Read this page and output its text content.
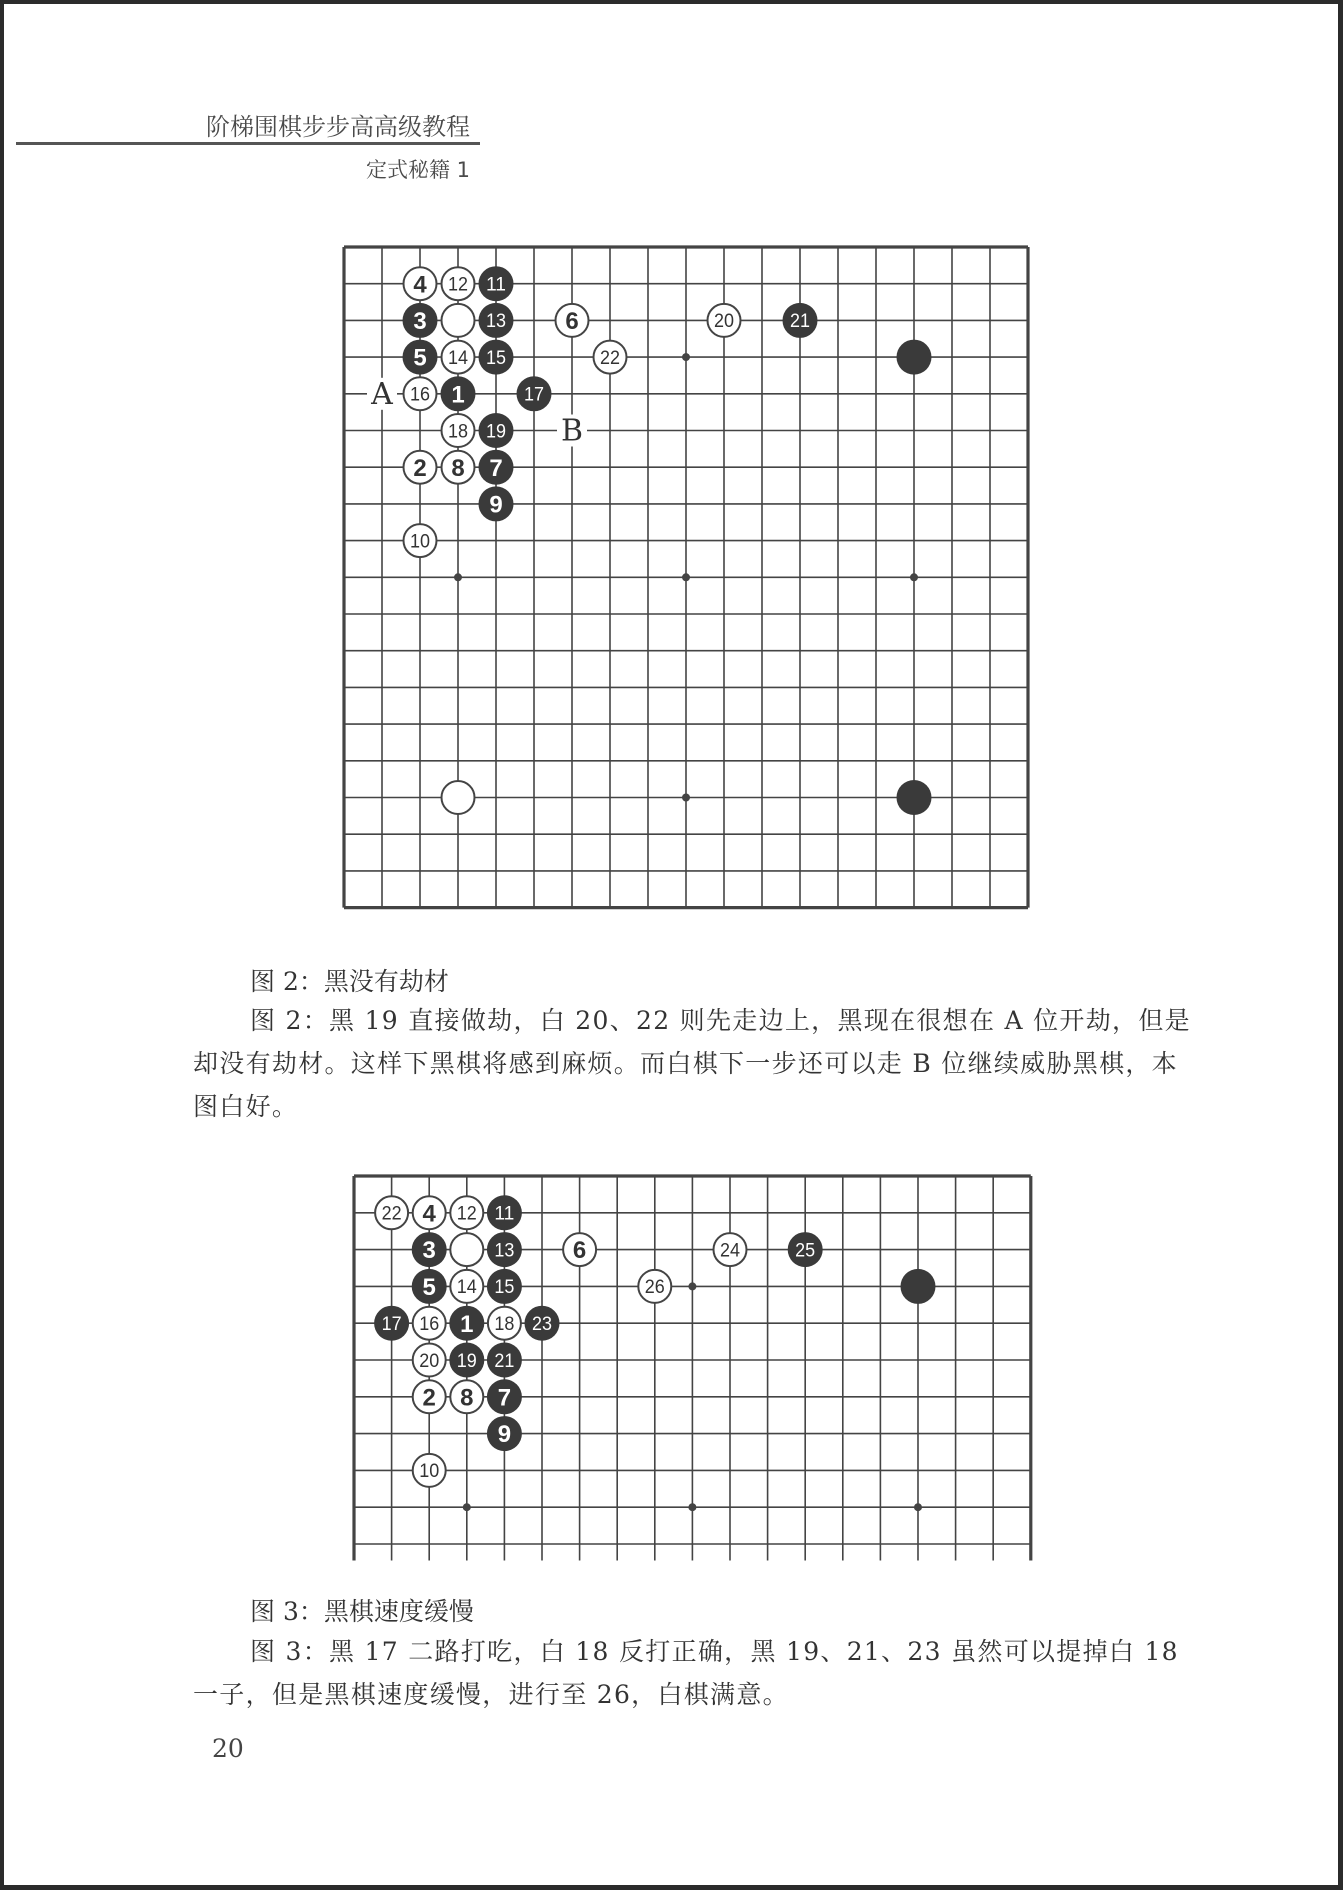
阶梯围棋步步高高级教程
定式秘籍 1
A
B
4 12 11
3	13 6	20	21
5 14 15	22
16 1	17
18 19
2 8 7
9
10
图 2：黑没有劫材
图 2：黑 19 直接做劫，白 20、22 则先走边上，黑现在很想在 A 位开劫，但是却没有劫材。这样下黑棋将感到麻烦。而白棋下一步还可以走 B 位继续威胁黑棋，本图白好。
22 4 12 11
3	13 6	24	25
5 14 15	26
17 16 1 18 23
20 19 21
2 8 7
9
10
图 3：黑棋速度缓慢
图 3：黑 17 二路打吃，白 18 反打正确，黑 19、21、23 虽然可以提掉白 18 一子，但是黑棋速度缓慢，进行至 26，白棋满意。
20
